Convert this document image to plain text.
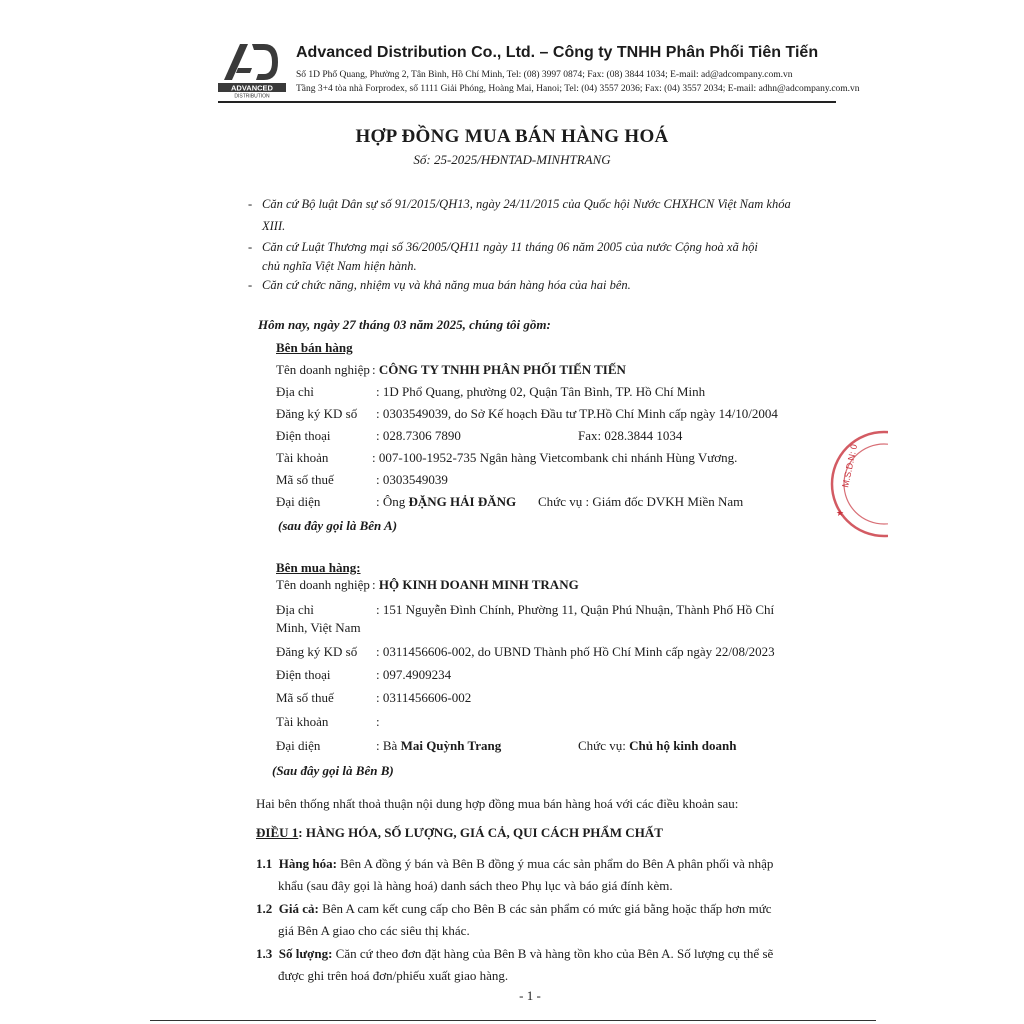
ADVANCED
DISTRIBUTION
Advanced Distribution Co., Ltd. – Công ty TNHH Phân Phối Tiên Tiến
Số 1D Phổ Quang, Phường 2, Tân Bình, Hồ Chí Minh, Tel: (08) 3997 0874; Fax: (08) 3844 1034; E-mail: ad@adcompany.com.vn
Tầng 3+4 tòa nhà Forprodex, số 1111 Giải Phóng, Hoàng Mai, Hanoi; Tel: (04) 3557 2036; Fax: (04) 3557 2034; E-mail: adhn@adcompany.com.vn
HỢP ĐỒNG MUA BÁN HÀNG HOÁ
Số: 25-2025/HĐNTAD-MINHTRANG
- Căn cứ Bộ luật Dân sự số 91/2015/QH13, ngày 24/11/2015 của Quốc hội Nước CHXHCN Việt Nam khóa
XIII.
- Căn cứ Luật Thương mại số 36/2005/QH11 ngày 11 tháng 06 năm 2005 của nước Cộng hoà xã hội
chủ nghĩa Việt Nam hiện hành.
- Căn cứ chức năng, nhiệm vụ và khả năng mua bán hàng hóa của hai bên.
Hôm nay, ngày 27 tháng 03 năm 2025, chúng tôi gồm:
Bên bán hàng
Tên doanh nghiệp : CÔNG TY TNHH PHÂN PHỐI TIẾN TIẾN
Địa chỉ	: 1D Phổ Quang, phường 02, Quận Tân Bình, TP. Hồ Chí Minh
Đăng ký KD số : 0303549039, do Sở Kế hoạch Đầu tư TP.Hồ Chí Minh cấp ngày 14/10/2004
Điện thoại	: 028.7306 7890	Fax: 028.3844 1034
Tài khoản	: 007-100-1952-735 Ngân hàng Vietcombank chi nhánh Hùng Vương.
Mã số thuế	: 0303549039
Đại diện	: Ông ĐẶNG HẢI ĐĂNG Chức vụ : Giám đốc DVKH Miền Nam
(sau đây gọi là Bên A)
M.S.D.N: 0
★
Bên mua hàng:
Tên doanh nghiệp : HỘ KINH DOANH MINH TRANG
Địa chỉ	: 151 Nguyễn Đình Chính, Phường 11, Quận Phú Nhuận, Thành Phố Hồ Chí
Minh, Việt Nam
Đăng ký KD số : 0311456606-002, do UBND Thành phố Hồ Chí Minh cấp ngày 22/08/2023
Điện thoại	: 097.4909234
Mã số thuế	: 0311456606-002
Tài khoản	:
Đại diện	: Bà Mai Quỳnh Trang	Chức vụ: Chủ hộ kinh doanh
(Sau đây gọi là Bên B)
Hai bên thống nhất thoả thuận nội dung hợp đồng mua bán hàng hoá với các điều khoản sau:
ĐIỀU 1: HÀNG HÓA, SỐ LƯỢNG, GIÁ CẢ, QUI CÁCH PHẨM CHẤT
1.1 Hàng hóa: Bên A đồng ý bán và Bên B đồng ý mua các sản phẩm do Bên A phân phối và nhập
khẩu (sau đây gọi là hàng hoá) danh sách theo Phụ lục và báo giá đính kèm.
1.2 Giá cả: Bên A cam kết cung cấp cho Bên B các sản phẩm có mức giá bằng hoặc thấp hơn mức
giá Bên A giao cho các siêu thị khác.
1.3 Số lượng: Căn cứ theo đơn đặt hàng của Bên B và hàng tồn kho của Bên A. Số lượng cụ thể sẽ
được ghi trên hoá đơn/phiếu xuất giao hàng.
- 1 -
